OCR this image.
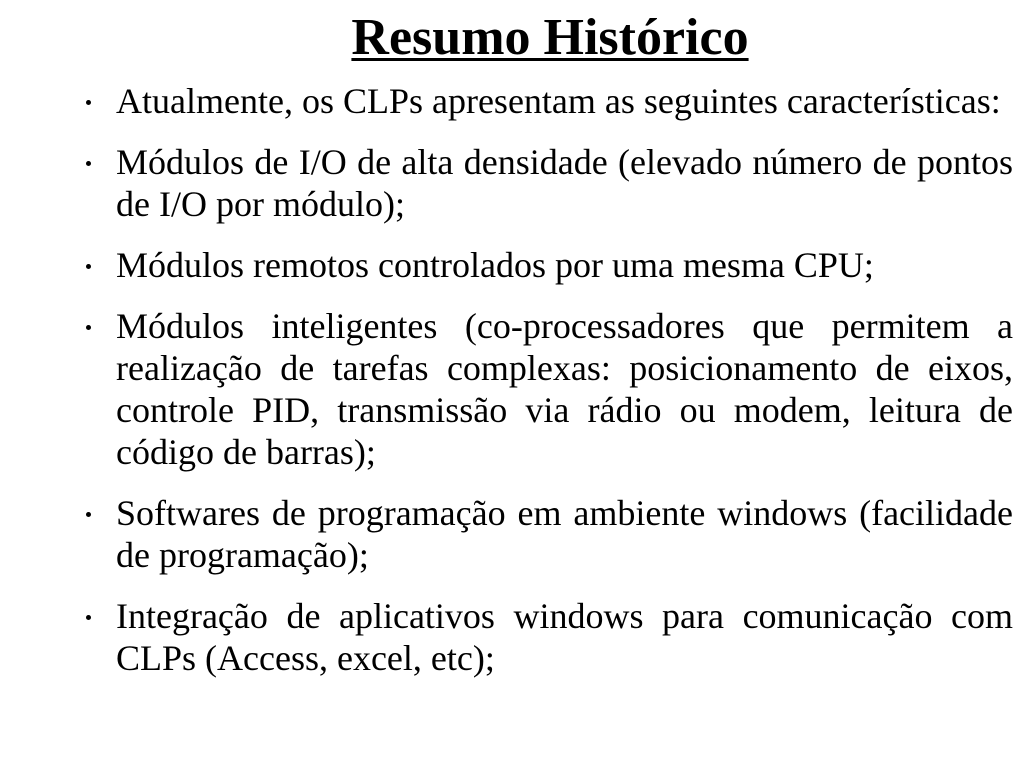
Resumo Histórico
Atualmente, os CLPs apresentam as seguintes características:
Módulos de I/O de alta densidade (elevado número de pontos de I/O por módulo);
Módulos remotos controlados por uma mesma CPU;
Módulos inteligentes (co-processadores que permitem a realização de tarefas complexas: posicionamento de eixos, controle PID, transmissão via rádio ou modem, leitura de código de barras);
Softwares de programação em ambiente windows (facilidade de programação);
Integração de aplicativos windows para comunicação com CLPs (Access, excel, etc);
